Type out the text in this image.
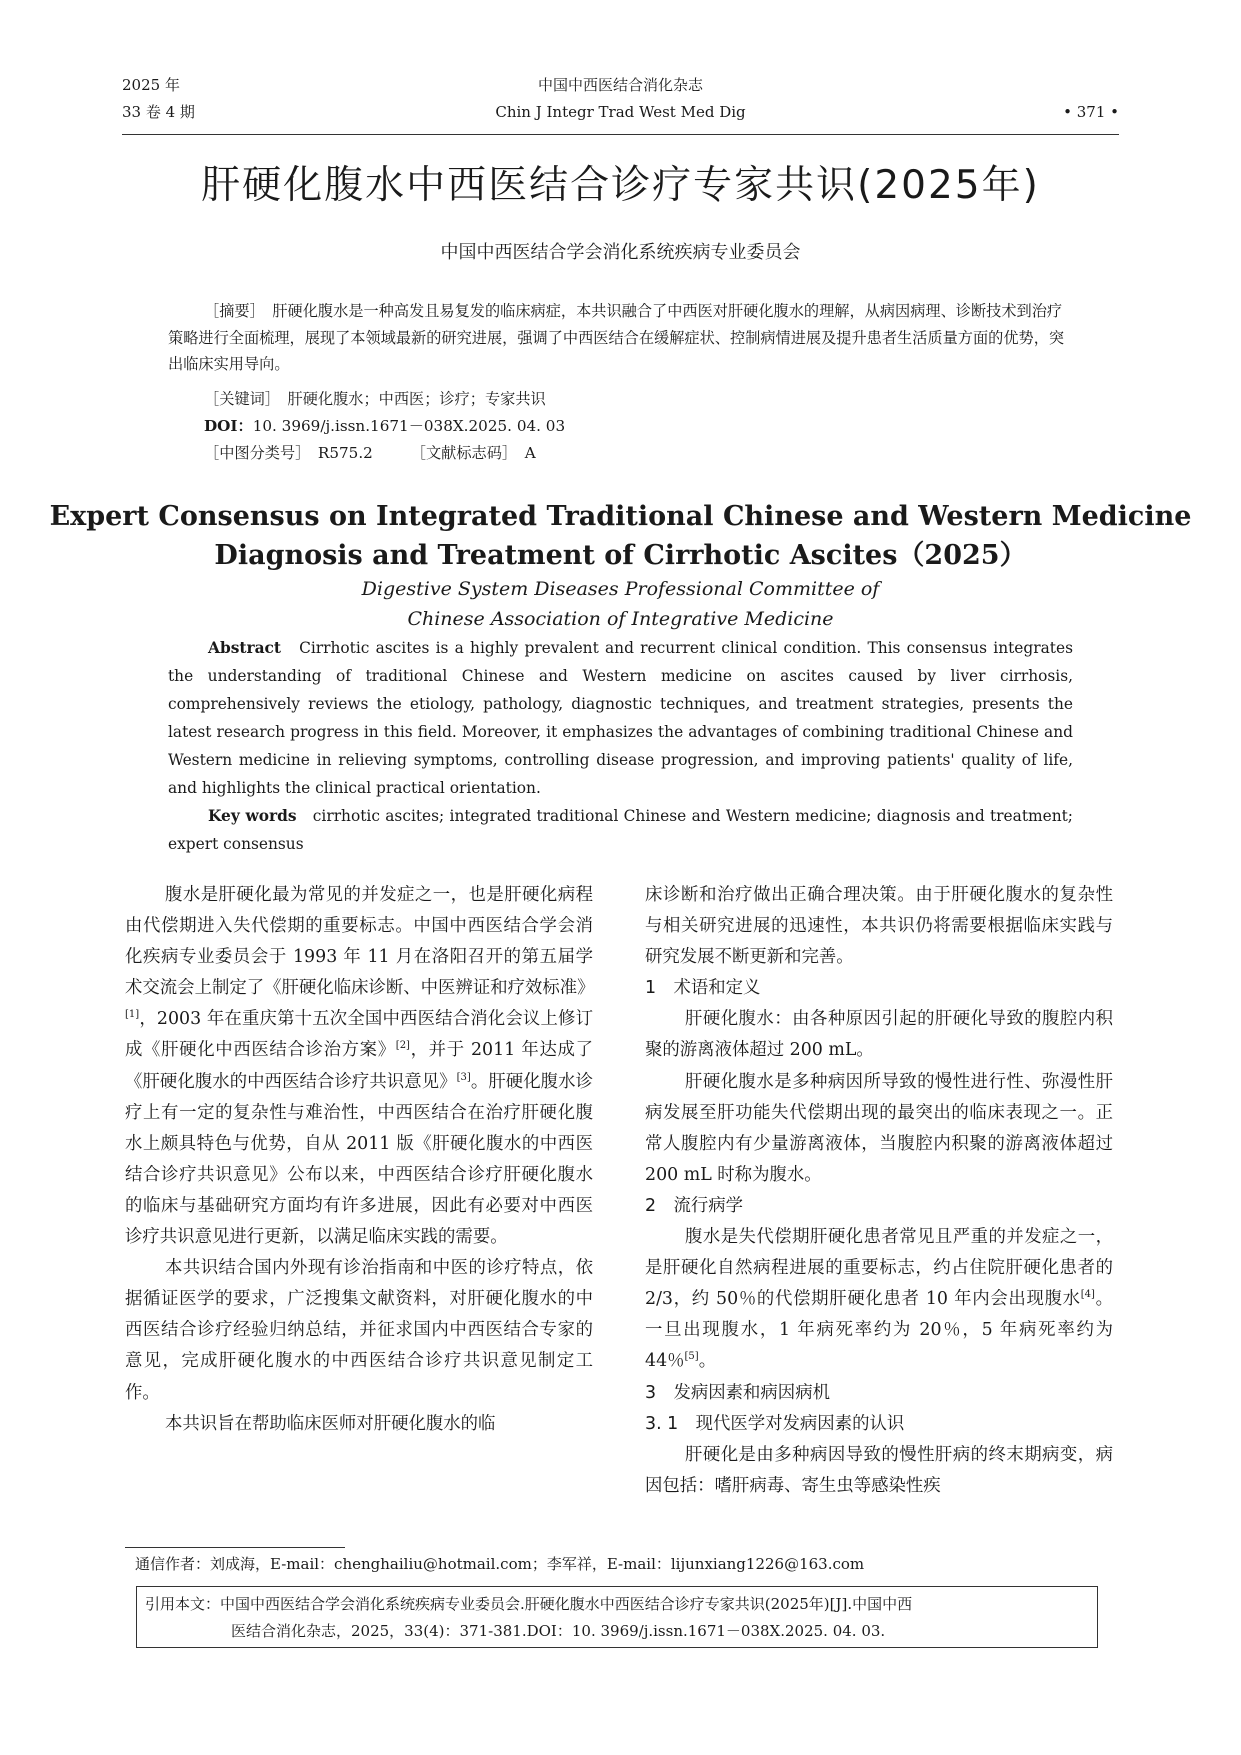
2025 年
33 卷 4 期
中国中西医结合消化杂志
Chin J Integr Trad West Med Dig	• 371 •
肝硬化腹水中西医结合诊疗专家共识(2025年)
中国中西医结合学会消化系统疾病专业委员会

［摘要］　 肝硬化腹水是一种高发且易复发的临床病症，本共识融合了中西医对肝硬化腹水的理解，从病因病理、诊断技术到治疗策略进行全面梳理，展现了本领域最新的研究进展，强调了中西医结合在缓解症状、控制病情进展及提升患者生活质量方面的优势，突出临床实用导向。

［关键词］　 肝硬化腹水；中西医；诊疗；专家共识
DOI：10. 3969/j.issn.1671－038X.2025. 04. 03
［中图分类号］　 R575.2　　　	［文献标志码］　 A
Expert Consensus on Integrated Traditional Chinese and Western Medicine
Diagnosis and Treatment of Cirrhotic Ascites（2025）
Digestive System Diseases Professional Committee of
Chinese Association of Integrative Medicine

Abstract　 Cirrhotic ascites is a highly prevalent and recurrent clinical condition. This consensus integrates the understanding of traditional Chinese and Western medicine on ascites caused by liver cirrhosis, comprehensively reviews the etiology, pathology, diagnostic techniques, and treatment strategies, presents the latest research progress in this field. Moreover, it emphasizes the advantages of combining traditional Chinese and Western medicine in relieving symptoms, controlling disease progression, and improving patients' quality of life, and highlights the clinical practical orientation.

Key words　 cirrhotic ascites; integrated traditional Chinese and Western medicine; diagnosis and treatment; expert consensus

腹水是肝硬化最为常见的并发症之一，也是肝硬化病程由代偿期进入失代偿期的重要标志。中国中西医结合学会消化疾病专业委员会于 1993 年 11 月在洛阳召开的第五届学术交流会上制定了《肝硬化临床诊断、中医辨证和疗效标准》[1]，2003 年在重庆第十五次全国中西医结合消化会议上修订成《肝硬化中西医结合诊治方案》[2]，并于 2011 年达成了《肝硬化腹水的中西医结合诊疗共识意见》[3]。肝硬化腹水诊疗上有一定的复杂性与难治性，中西医结合在治疗肝硬化腹水上颇具特色与优势，自从 2011 版《肝硬化腹水的中西医结合诊疗共识意见》公布以来，中西医结合诊疗肝硬化腹水的临床与基础研究方面均有许多进展，因此有必要对中西医诊疗共识意见进行更新，以满足临床实践的需要。

本共识结合国内外现有诊治指南和中医的诊疗特点，依据循证医学的要求，广泛搜集文献资料，对肝硬化腹水的中西医结合诊疗经验归纳总结，并征求国内中西医结合专家的意见，完成肝硬化腹水的中西医结合诊疗共识意见制定工作。

本共识旨在帮助临床医师对肝硬化腹水的临

床诊断和治疗做出正确合理决策。由于肝硬化腹水的复杂性与相关研究进展的迅速性，本共识仍将需要根据临床实践与研究发展不断更新和完善。

1　术语和定义

肝硬化腹水：由各种原因引起的肝硬化导致的腹腔内积聚的游离液体超过 200 mL。

肝硬化腹水是多种病因所导致的慢性进行性、弥漫性肝病发展至肝功能失代偿期出现的最突出的临床表现之一。正常人腹腔内有少量游离液体，当腹腔内积聚的游离液体超过 200 mL 时称为腹水。

2　流行病学

腹水是失代偿期肝硬化患者常见且严重的并发症之一，是肝硬化自然病程进展的重要标志，约占住院肝硬化患者的 2/3，约 50％的代偿期肝硬化患者 10 年内会出现腹水[4]。一旦出现腹水，1 年病死率约为 20％，5 年病死率约为 44％[5]。

3　发病因素和病因病机

3. 1　现代医学对发病因素的认识

肝硬化是由多种病因导致的慢性肝病的终末期病变，病因包括：嗜肝病毒、寄生虫等感染性疾

通信作者：刘成海，E-mail：chenghailiu@hotmail.com；李军祥，E-mail：lijunxiang1226@163.com
引用本文：中国中西医结合学会消化系统疾病专业委员会.肝硬化腹水中西医结合诊疗专家共识(2025年)[J].中国中西
医结合消化杂志，2025，33(4)：371-381.DOI：10. 3969/j.issn.1671－038X.2025. 04. 03.
